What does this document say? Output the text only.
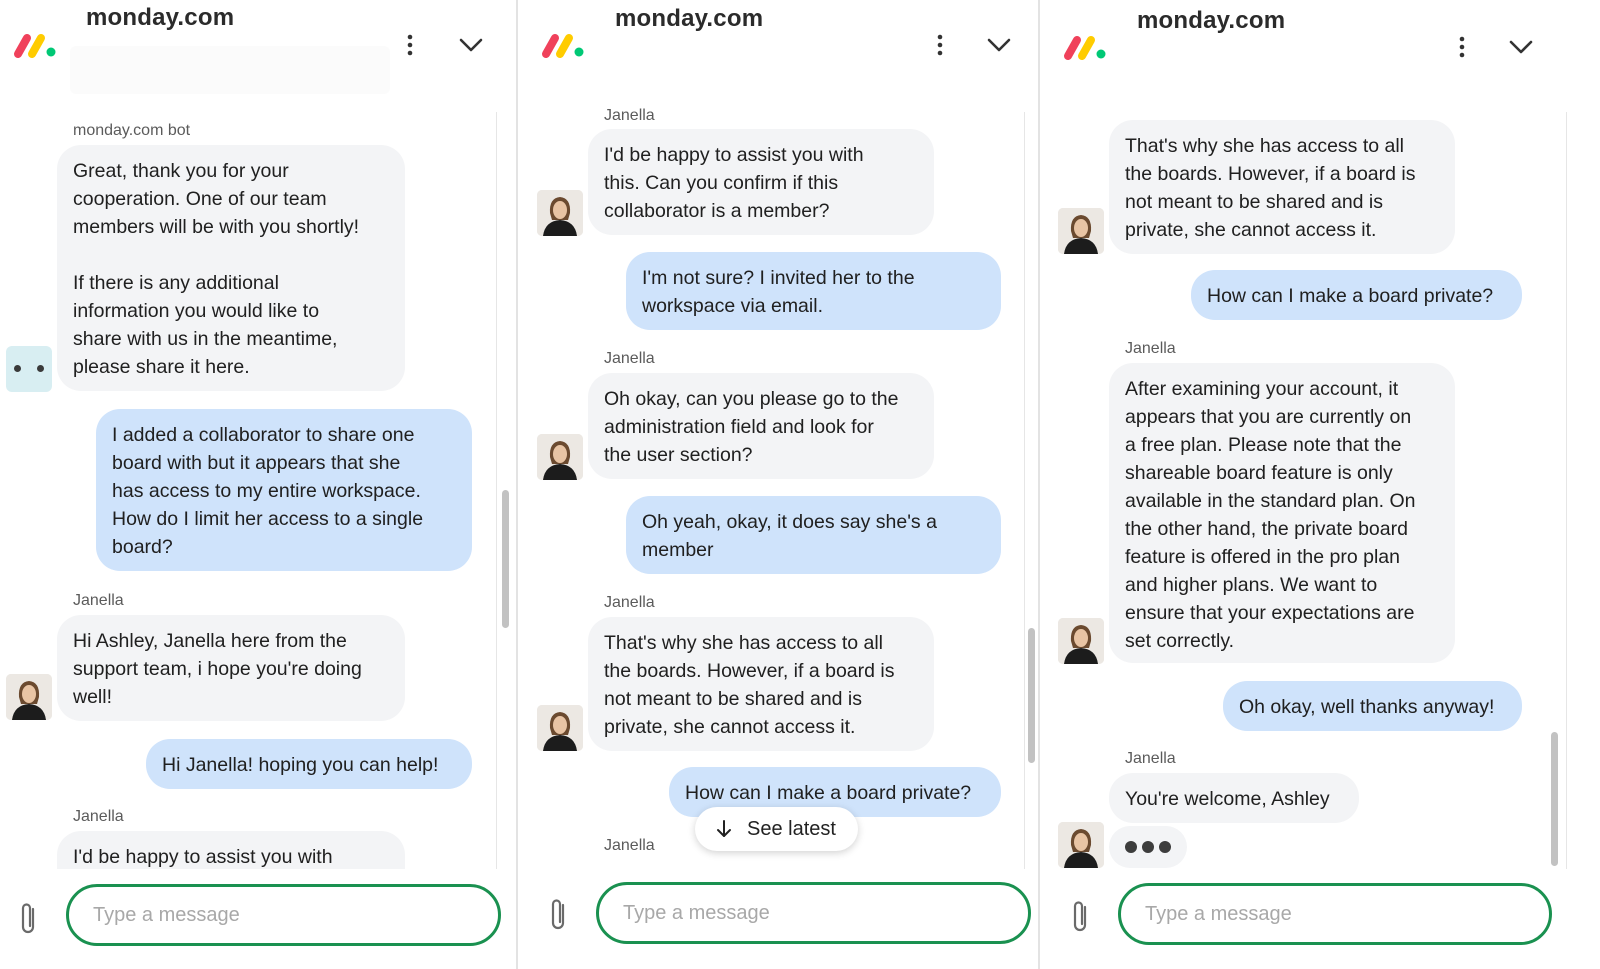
monday.com
monday.com bot
Great, thank you for your
cooperation. One of our team
members will be with you shortly!

If there is any additional
information you would like to
share with us in the meantime,
please share it here.
I added a collaborator to share one
board with but it appears that she
has access to my entire workspace.
How do I limit her access to a single
board?
Janella
Hi Ashley, Janella here from the
support team, i hope you're doing
well!
Hi Janella! hoping you can help!
Janella
I'd be happy to assist you with
Type a message
monday.com
Janella
I'd be happy to assist you with
this. Can you confirm if this
collaborator is a member?
I'm not sure? I invited her to the
workspace via email.
Janella
Oh okay, can you please go to the
administration field and look for
the user section?
Oh yeah, okay, it does say she's a
member
Janella
That's why she has access to all
the boards. However, if a board is
not meant to be shared and is
private, she cannot access it.
How can I make a board private?
Janella
See latest
Type a message
monday.com
That's why she has access to all
the boards. However, if a board is
not meant to be shared and is
private, she cannot access it.
How can I make a board private?
Janella
After examining your account, it
appears that you are currently on
a free plan. Please note that the
shareable board feature is only
available in the standard plan. On
the other hand, the private board
feature is offered in the pro plan
and higher plans. We want to
ensure that your expectations are
set correctly.
Oh okay, well thanks anyway!
Janella
You're welcome, Ashley
Type a message
